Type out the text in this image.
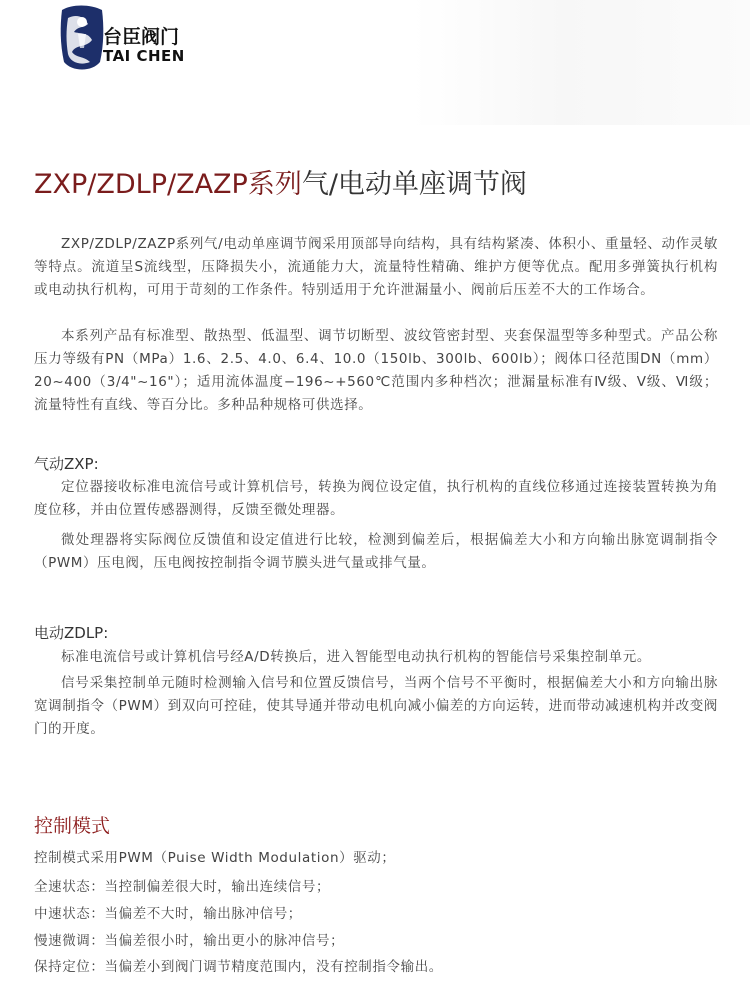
台臣阀门
TAI CHEN
ZXP/ZDLP/ZAZP系列气/电动单座调节阀

ZXP/ZDLP/ZAZP系列气/电动单座调节阀采用顶部导向结构，具有结构紧凑、体积小、重量轻、动作灵敏等特点。流道呈S流线型，压降损失小，流通能力大，流量特性精确、维护方便等优点。配用多弹簧执行机构或电动执行机构，可用于苛刻的工作条件。特别适用于允许泄漏量小、阀前后压差不大的工作场合。

本系列产品有标准型、散热型、低温型、调节切断型、波纹管密封型、夹套保温型等多种型式。产品公称压力等级有PN（MPa）1.6、2.5、4.0、6.4、10.0（150lb、300lb、600lb）；阀体口径范围DN（mm）20~400（3/4"~16"）；适用流体温度−196~+560℃范围内多种档次；泄漏量标准有Ⅳ级、Ⅴ级、Ⅵ级；流量特性有直线、等百分比。多种品种规格可供选择。

气动ZXP:

定位器接收标准电流信号或计算机信号，转换为阀位设定值，执行机构的直线位移通过连接装置转换为角度位移，并由位置传感器测得，反馈至微处理器。

微处理器将实际阀位反馈值和设定值进行比较，检测到偏差后，根据偏差大小和方向输出脉宽调制指令（PWM）压电阀，压电阀按控制指令调节膜头进气量或排气量。

电动ZDLP:

标准电流信号或计算机信号经A/D转换后，进入智能型电动执行机构的智能信号采集控制单元。

信号采集控制单元随时检测输入信号和位置反馈信号，当两个信号不平衡时，根据偏差大小和方向输出脉宽调制指令（PWM）到双向可控硅，使其导通并带动电机向减小偏差的方向运转，进而带动减速机构并改变阀门的开度。

控制模式
控制模式采用PWM（Puise Width Modulation）驱动；
全速状态：当控制偏差很大时，输出连续信号；
中速状态：当偏差不大时，输出脉冲信号；
慢速微调：当偏差很小时，输出更小的脉冲信号；
保持定位：当偏差小到阀门调节精度范围内，没有控制指令输出。
